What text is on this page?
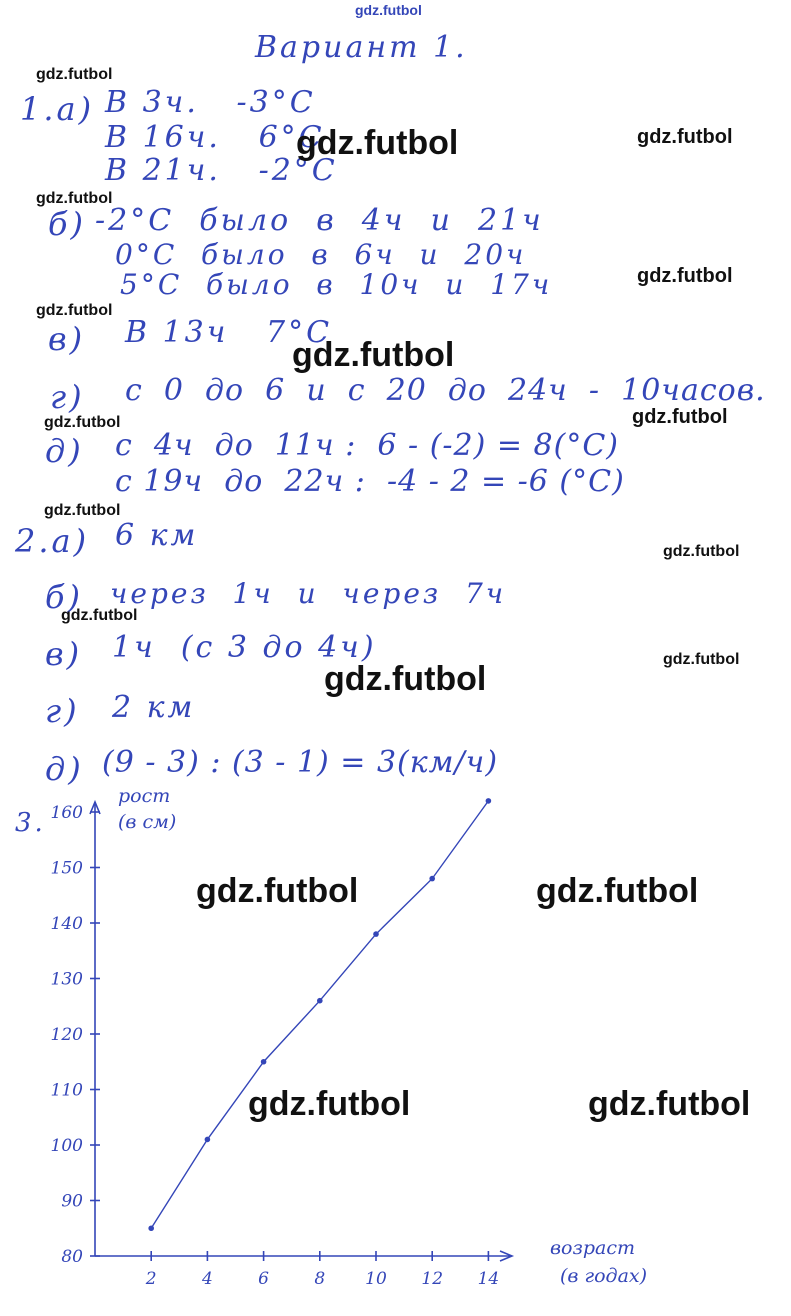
gdz.futbol
Вариант 1.
1.а) В 3ч.   -3°С
В 16ч.   6°С
В 21ч.   -2°С
б) -2°С  было  в  4ч  и  21ч
0°С  было  в  6ч  и  20ч
5°С  было  в  10ч  и  17ч
в) В 13ч   7°С
г) с  0  до  6  и  с  20  до  24ч  -  10часов.
д) с  4ч  до  11ч :  6 - (-2) = 8(°С)
с 19ч  до  22ч :  -4 - 2 = -6 (°С)
2.а) 6 км
б) через  1ч  и  через  7ч
в) 1ч  (с 3 до 4ч)
г) 2 км
д) (9 - 3) : (3 - 1) = 3(км/ч)
3.
80
90
100
110
120
130
140
150
160
2	4	6	8 10 12 14
рост
(в см)
возраст
(в годах)
gdz.futbol
gdz.futbol	gdz.futbol
gdz.futbol
gdz.futbol
gdz.futbol
gdz.futbol
gdz.futbol
gdz.futbol
gdz.futbol
gdz.futbol
gdz.futbol
gdz.futbol
gdz.futbol
gdz.futbol	gdz.futbol
gdz.futbol	gdz.futbol
